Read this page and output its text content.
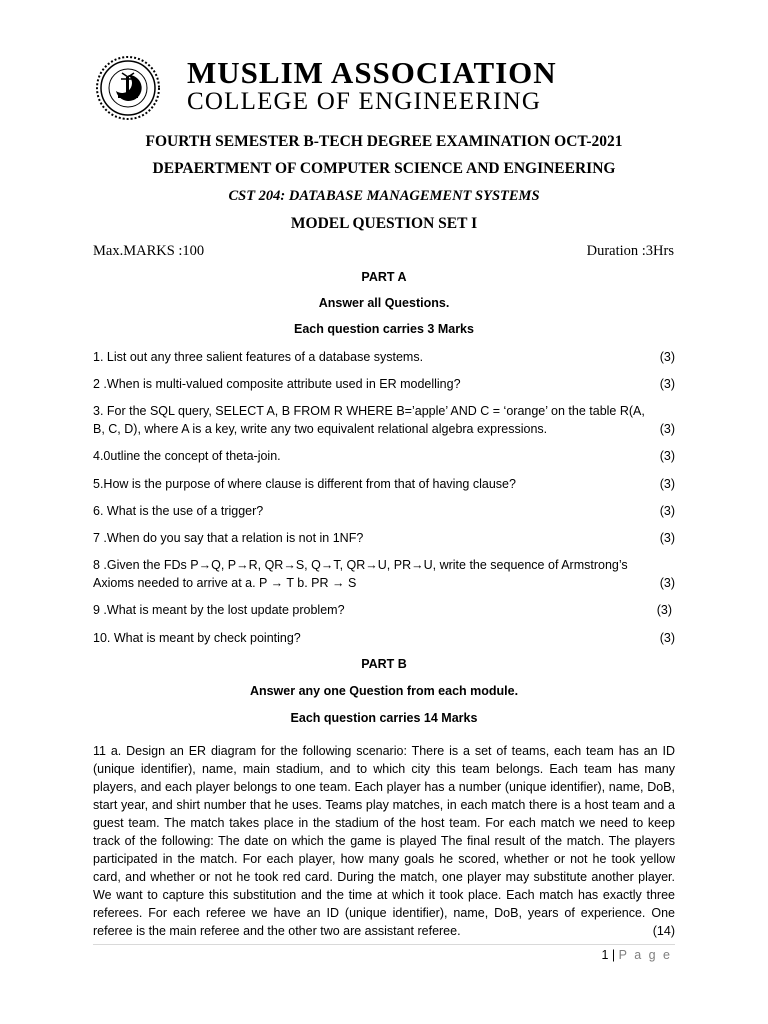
MUSLIM ASSOCIATION
COLLEGE OF ENGINEERING
FOURTH SEMESTER B-TECH DEGREE EXAMINATION OCT-2021
DEPAERTMENT OF COMPUTER SCIENCE AND ENGINEERING
CST 204: DATABASE MANAGEMENT SYSTEMS
MODEL QUESTION SET I
Max.MARKS :100	Duration :3Hrs
PART A
Answer all Questions.
Each question carries 3 Marks
1. List out any three salient features of a database systems.	(3)
2 .When is multi-valued composite attribute used in ER modelling?	(3)
3. For the SQL query, SELECT A, B FROM R WHERE B=’apple’ AND C = ‘orange’ on the table R(A, B, C, D), where A is a key, write any two equivalent relational algebra expressions.	(3)
4.0utline the concept of theta-join.	(3)
5.How is the purpose of where clause is different from that of having clause?	(3)
6. What is the use of a trigger?	(3)
7 .When do you say that a relation is not in 1NF?	(3)
8 .Given the FDs P→Q, P→R, QR→S, Q→T, QR→U, PR→U, write the sequence of Armstrong’s Axioms needed to arrive at a. P → T b. PR → S	(3)
9 .What is meant by the lost update problem?	(3)
10. What is meant by check pointing?	(3)
PART B
Answer any one Question from each module.
Each question carries 14 Marks
11 a. Design an ER diagram for the following scenario: There is a set of teams, each team has an ID (unique identifier), name, main stadium, and to which city this team belongs. Each team has many players, and each player belongs to one team. Each player has a number (unique identifier), name, DoB, start year, and shirt number that he uses. Teams play matches, in each match there is a host team and a guest team. The match takes place in the stadium of the host team. For each match we need to keep track of the following: The date on which the game is played The final result of the match. The players participated in the match. For each player, how many goals he scored, whether or not he took yellow card, and whether or not he took red card. During the match, one player may substitute another player. We want to capture this substitution and the time at which it took place. Each match has exactly three referees. For each referee we have an ID (unique identifier), name, DoB, years of experience. One referee is the main referee and the other two are assistant referee.	(14)
1 | P a g e
